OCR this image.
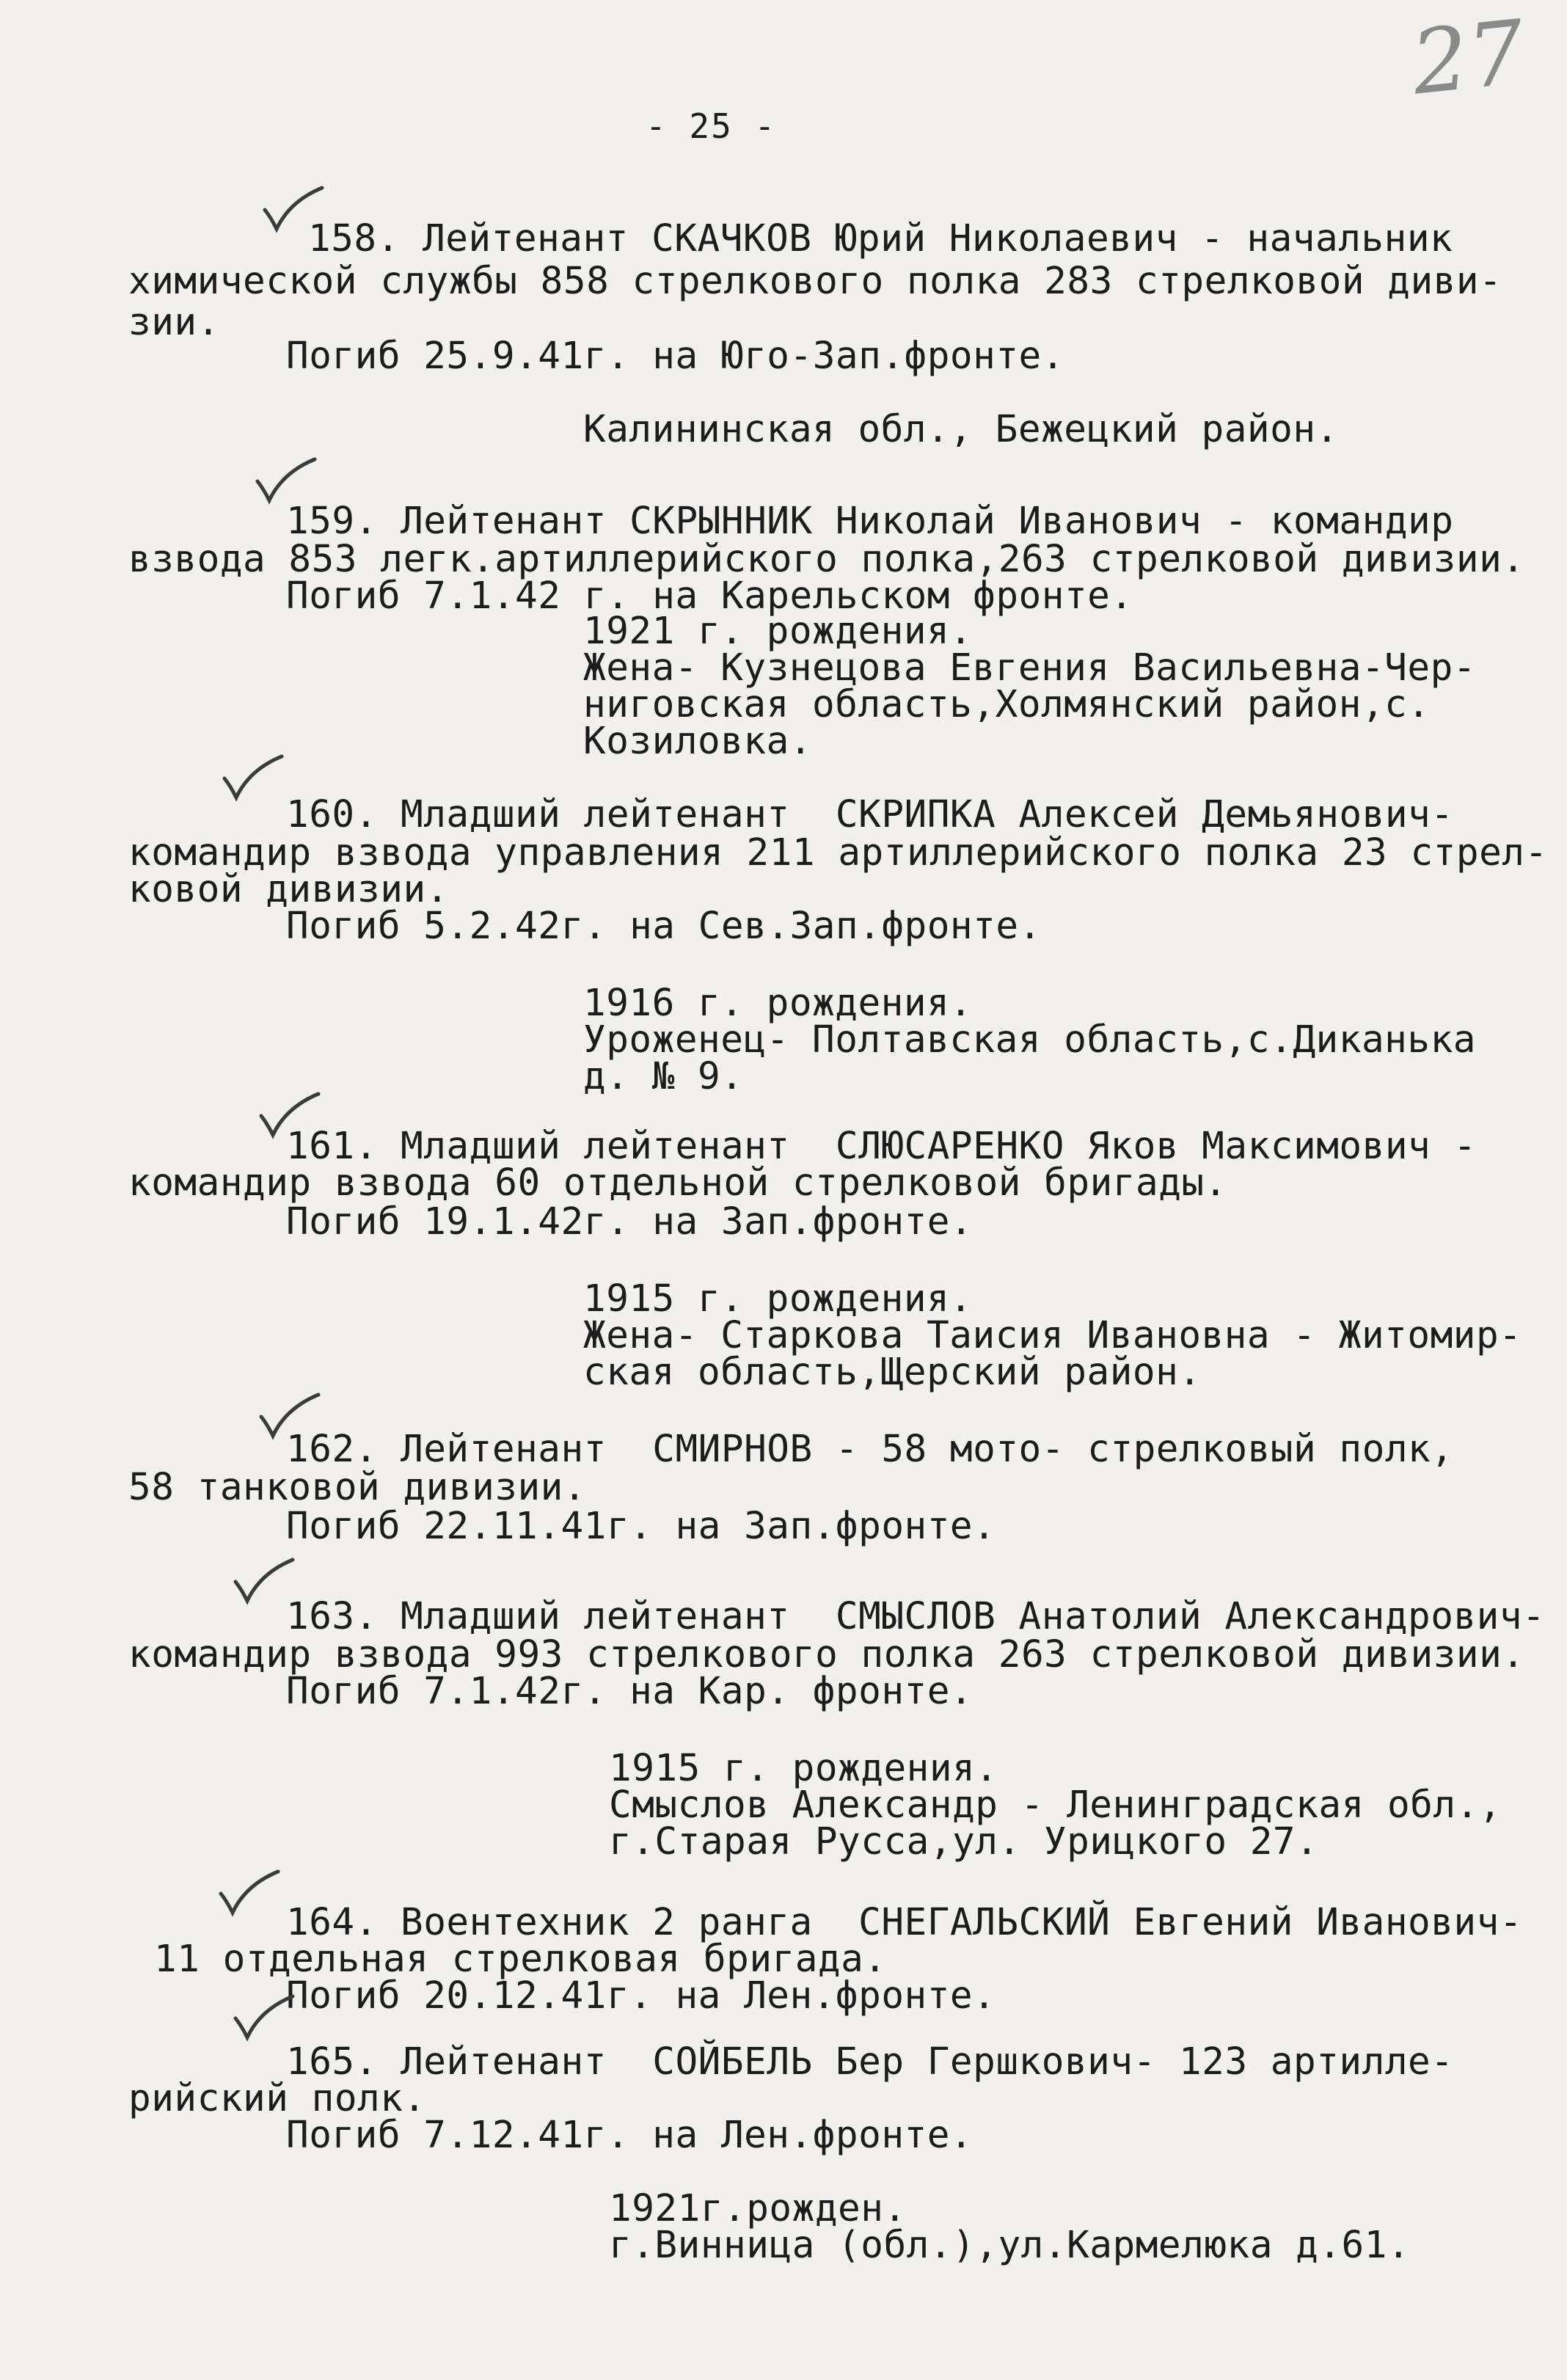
27
- 25 -
158. Лейтенант СКАЧКОВ Юрий Николаевич - начальник
химической службы 858 стрелкового полка 283 стрелковой диви-
зии.
Погиб 25.9.41г. на Юго-Зап.фронте.
Калининская обл., Бежецкий район.
159. Лейтенант СКРЫННИК Николай Иванович - командир
взвода 853 легк.артиллерийского полка,263 стрелковой дивизии.
Погиб 7.1.42 г. на Карельском фронте.
1921 г. рождения.
Жена- Кузнецова Евгения Васильевна-Чер-
ниговская область,Холмянский район,с.
Козиловка.
160. Младший лейтенант  СКРИПКА Алексей Демьянович-
командир взвода управления 211 артиллерийского полка 23 стрел-
ковой дивизии.
Погиб 5.2.42г. на Сев.Зап.фронте.
1916 г. рождения.
Уроженец- Полтавская область,с.Диканька
д. № 9.
161. Младший лейтенант  СЛЮСАРЕНКО Яков Максимович -
командир взвода 60 отдельной стрелковой бригады.
Погиб 19.1.42г. на Зап.фронте.
1915 г. рождения.
Жена- Старкова Таисия Ивановна - Житомир-
ская область,Щерский район.
162. Лейтенант  СМИРНОВ - 58 мото- стрелковый полк,
58 танковой дивизии.
Погиб 22.11.41г. на Зап.фронте.
163. Младший лейтенант  СМЫСЛОВ Анатолий Александрович-
командир взвода 993 стрелкового полка 263 стрелковой дивизии.
Погиб 7.1.42г. на Кар. фронте.
1915 г. рождения.
Смыслов Александр - Ленинградская обл.,
г.Старая Русса,ул. Урицкого 27.
164. Воентехник 2 ранга  СНЕГАЛЬСКИЙ Евгений Иванович-
11 отдельная стрелковая бригада.
Погиб 20.12.41г. на Лен.фронте.
165. Лейтенант  СОЙБЕЛЬ Бер Гершкович- 123 артилле-
рийский полк.
Погиб 7.12.41г. на Лен.фронте.
1921г.рожден.
г.Винница (обл.),ул.Кармелюка д.61.
